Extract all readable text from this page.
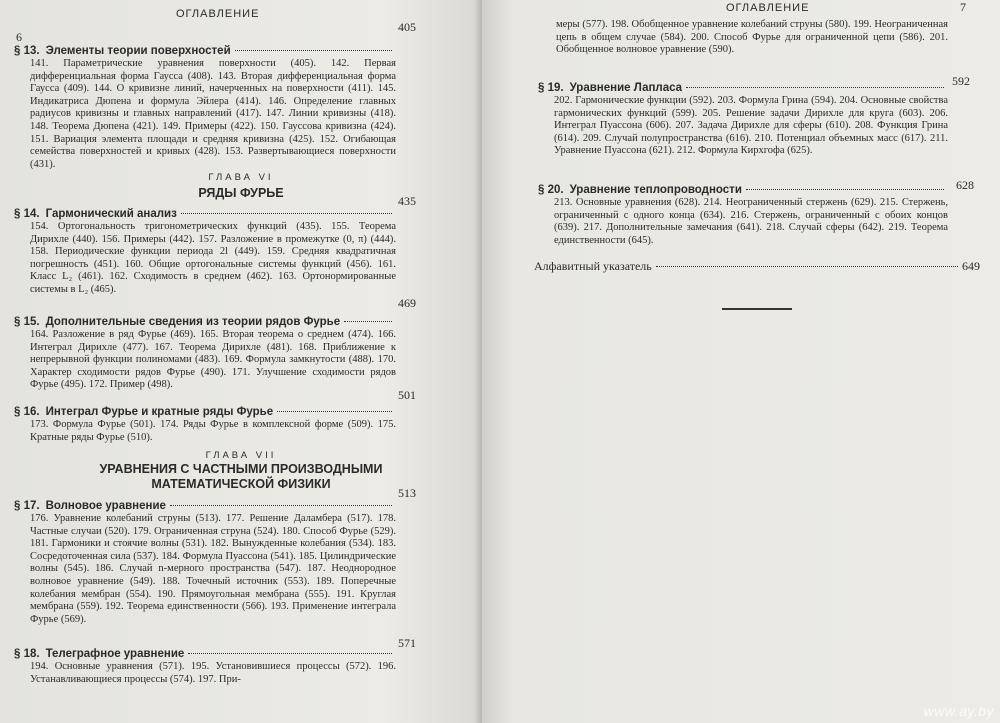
6
ОГЛАВЛЕНИЕ
§ 13. Элементы теории поверхностей
141. Параметрические уравнения поверхности (405). 142. Первая дифференциальная форма Гаусса (408). 143. Вторая дифференциальная форма Гаусса (409). 144. О кривизне линий, начерченных на поверхности (411). 145. Индикатриса Дюпена и формула Эйлера (414). 146. Определение главных радиусов кривизны и главных направлений (417). 147. Линии кривизны (418). 148. Теорема Дюпена (421). 149. Примеры (422). 150. Гауссова кривизна (424). 151. Вариация элемента площади и средняя кривизна (425). 152. Огибающая семейства поверхностей и кривых (428). 153. Развертывающиеся поверхности (431).
405
ГЛАВА VI
РЯДЫ ФУРЬЕ
§ 14. Гармонический анализ
154. Ортогональность тригонометрических функций (435). 155. Теорема Дирихле (440). 156. Примеры (442). 157. Разложение в промежутке (0, π) (444). 158. Периодические функции периода 2l (449). 159. Средняя квадратичная погрешность (451). 160. Общие ортогональные системы функций (456). 161. Класс L₂ (461). 162. Сходимость в среднем (462). 163. Ортонормированные системы в L₂ (465).
435
§ 15. Дополнительные сведения из теории рядов Фурье
164. Разложение в ряд Фурье (469). 165. Вторая теорема о среднем (474). 166. Интеграл Дирихле (477). 167. Теорема Дирихле (481). 168. Приближение к непрерывной функции полиномами (483). 169. Формула замкнутости (488). 170. Характер сходимости рядов Фурье (490). 171. Улучшение сходимости рядов Фурье (495). 172. Пример (498).
469
§ 16. Интеграл Фурье и кратные ряды Фурье
173. Формула Фурье (501). 174. Ряды Фурье в комплексной форме (509). 175. Кратные ряды Фурье (510).
501
ГЛАВА VII
УРАВНЕНИЯ С ЧАСТНЫМИ ПРОИЗВОДНЫМИ
МАТЕМАТИЧЕСКОЙ ФИЗИКИ
§ 17. Волновое уравнение
176. Уравнение колебаний струны (513). 177. Решение Даламбера (517). 178. Частные случаи (520). 179. Ограниченная струна (524). 180. Способ Фурье (529). 181. Гармоники и стоячие волны (531). 182. Вынужденные колебания (534). 183. Сосредоточенная сила (537). 184. Формула Пуассона (541). 185. Цилиндрические волны (545). 186. Случай n-мерного пространства (547). 187. Неоднородное волновое уравнение (549). 188. Точечный источник (553). 189. Поперечные колебания мембран (554). 190. Прямоугольная мембрана (555). 191. Круглая мембрана (559). 192. Теорема единственности (566). 193. Применение интеграла Фурье (569).
513
§ 18. Телеграфное уравнение
194. Основные уравнения (571). 195. Установившиеся процессы (572). 196. Устанавливающиеся процессы (574). 197. При-
571
ОГЛАВЛЕНИЕ	7
меры (577). 198. Обобщенное уравнение колебаний струны (580). 199. Неограниченная цепь в общем случае (584). 200. Способ Фурье для ограниченной цепи (586). 201. Обобщенное волновое уравнение (590).
§ 19. Уравнение Лапласа
202. Гармонические функции (592). 203. Формула Грина (594). 204. Основные свойства гармонических функций (599). 205. Решение задачи Дирихле для круга (603). 206. Интеграл Пуассона (606). 207. Задача Дирихле для сферы (610). 208. Функция Грина (614). 209. Случай полупространства (616). 210. Потенциал объемных масс (617). 211. Уравнение Пуассона (621). 212. Формула Кирхгофа (625).
592
§ 20. Уравнение теплопроводности
213. Основные уравнения (628). 214. Неограниченный стержень (629). 215. Стержень, ограниченный с одного конца (634). 216. Стержень, ограниченный с обоих концов (639). 217. Дополнительные замечания (641). 218. Случай сферы (642). 219. Теорема единственности (645).
628
Алфавитный указатель	649
www.ay.by
